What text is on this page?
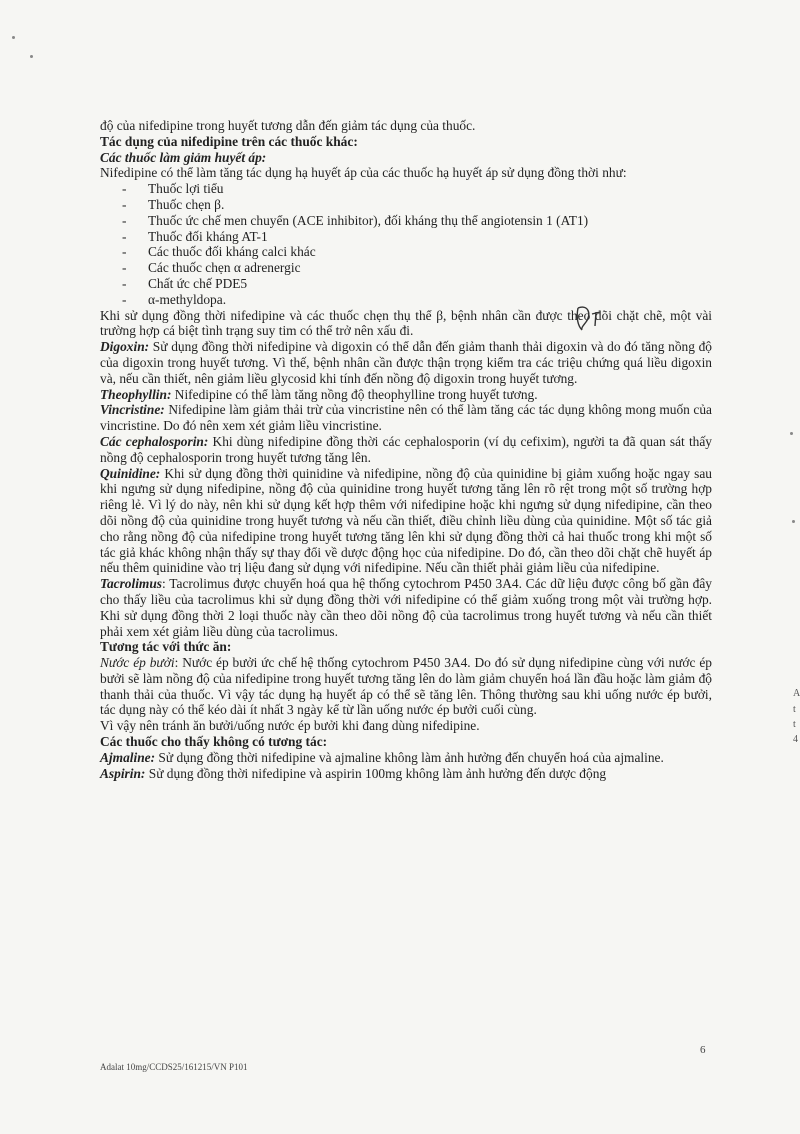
độ của nifedipine trong huyết tương dẫn đến giảm tác dụng của thuốc.

Tác dụng của nifedipine trên các thuốc khác:

Các thuốc làm giảm huyết áp:

Nifedipine có thể làm tăng tác dụng hạ huyết áp của các thuốc hạ huyết áp sử dụng đồng thời như:

- Thuốc lợi tiểu
- Thuốc chẹn β.
- Thuốc ức chế men chuyển (ACE inhibitor), đối kháng thụ thể angiotensin 1 (AT1)
- Thuốc đối kháng AT-1
- Các thuốc đối kháng calci khác
- Các thuốc chẹn α adrenergic
- Chất ức chế PDE5
- α-methyldopa.

Khi sử dụng đồng thời nifedipine và các thuốc chẹn thụ thể β, bệnh nhân cần được theo dõi chặt chẽ, một vài trường hợp cá biệt tình trạng suy tim có thể trở nên xấu đi.

Digoxin: Sử dụng đồng thời nifedipine và digoxin có thể dẫn đến giảm thanh thải digoxin và do đó tăng nồng độ của digoxin trong huyết tương. Vì thế, bệnh nhân cần được thận trọng kiểm tra các triệu chứng quá liều digoxin và, nếu cần thiết, nên giảm liều glycosid khi tính đến nồng độ digoxin trong huyết tương.

Theophyllin: Nifedipine có thể làm tăng nồng độ theophylline trong huyết tương.

Vincristine: Nifedipine làm giảm thải trừ của vincristine nên có thể làm tăng các tác dụng không mong muốn của vincristine. Do đó nên xem xét giảm liều vincristine.

Các cephalosporin: Khi dùng nifedipine đồng thời các cephalosporin (ví dụ cefixim), người ta đã quan sát thấy nồng độ cephalosporin trong huyết tương tăng lên.

Quinidine: Khi sử dụng đồng thời quinidine và nifedipine, nồng độ của quinidine bị giảm xuống hoặc ngay sau khi ngưng sử dụng nifedipine, nồng độ của quinidine trong huyết tương tăng lên rõ rệt trong một số trường hợp riêng lẻ. Vì lý do này, nên khi sử dụng kết hợp thêm với nifedipine hoặc khi ngưng sử dụng nifedipine, cần theo dõi nồng độ của quinidine trong huyết tương và nếu cần thiết, điều chỉnh liều dùng của quinidine. Một số tác giả cho rằng nồng độ của nifedipine trong huyết tương tăng lên khi sử dụng đồng thời cả hai thuốc trong khi một số tác giả khác không nhận thấy sự thay đổi về dược động học của nifedipine. Do đó, cần theo dõi chặt chẽ huyết áp nếu thêm quinidine vào trị liệu đang sử dụng với nifedipine. Nếu cần thiết phải giảm liều của nifedipine.

Tacrolimus: Tacrolimus được chuyển hoá qua hệ thống cytochrom P450 3A4. Các dữ liệu được công bố gần đây cho thấy liều của tacrolimus khi sử dụng đồng thời với nifedipine có thể giảm xuống trong một vài trường hợp. Khi sử dụng đồng thời 2 loại thuốc này cần theo dõi nồng độ của tacrolimus trong huyết tương và nếu cần thiết phải xem xét giảm liều dùng của tacrolimus.

Tương tác với thức ăn:

Nước ép bưởi: Nước ép bưởi ức chế hệ thống cytochrom P450 3A4. Do đó sử dụng nifedipine cùng với nước ép bưởi sẽ làm nồng độ của nifedipine trong huyết tương tăng lên do làm giảm chuyển hoá lần đầu hoặc làm giảm độ thanh thải của thuốc. Vì vậy tác dụng hạ huyết áp có thể sẽ tăng lên. Thông thường sau khi uống nước ép bưởi, tác dụng này có thể kéo dài ít nhất 3 ngày kể từ lần uống nước ép bưởi cuối cùng.

Vì vậy nên tránh ăn bưởi/uống nước ép bưởi khi đang dùng nifedipine.

Các thuốc cho thấy không có tương tác:

Ajmaline: Sử dụng đồng thời nifedipine và ajmaline không làm ảnh hưởng đến chuyển hoá của ajmaline.

Aspirin: Sử dụng đồng thời nifedipine và aspirin 100mg không làm ảnh hưởng đến dược động

6
Adalat 10mg/CCDS25/161215/VN P101
A
t
t
4
